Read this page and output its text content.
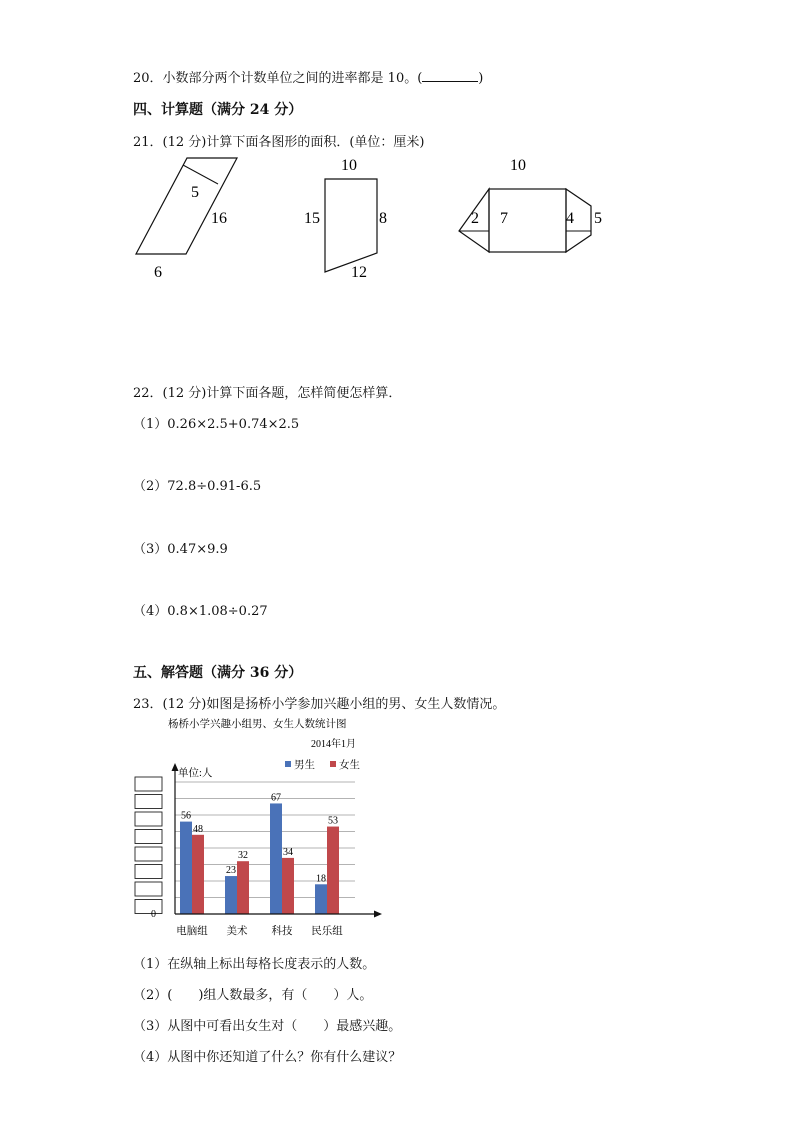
20．小数部分两个计数单位之间的进率都是 10。(	)
四、计算题（满分 24 分）
21．(12 分)计算下面各图形的面积．(单位：厘米)
5
16
6
10
15	8
12
10
2 7	4 5
22．(12 分)计算下面各题，怎样简便怎样算．
（1）0.26×2.5+0.74×2.5
（2）72.8÷0.91-6.5
（3）0.47×9.9
（4）0.8×1.08÷0.27
五、解答题（满分 36 分）
23．(12 分)如图是扬桥小学参加兴趣小组的男、女生人数情况。
杨桥小学兴趣小组男、女生人数统计图
2014年1月
单位:人
男生 女生
56
48
23
32
67
34
18
53
0
电脑组 美术 科技 民乐组
（1）在纵轴上标出每格长度表示的人数。
（2）(　　)组人数最多，有（　　）人。
（3）从图中可看出女生对（　　）最感兴趣。
（4）从图中你还知道了什么？你有什么建议？
